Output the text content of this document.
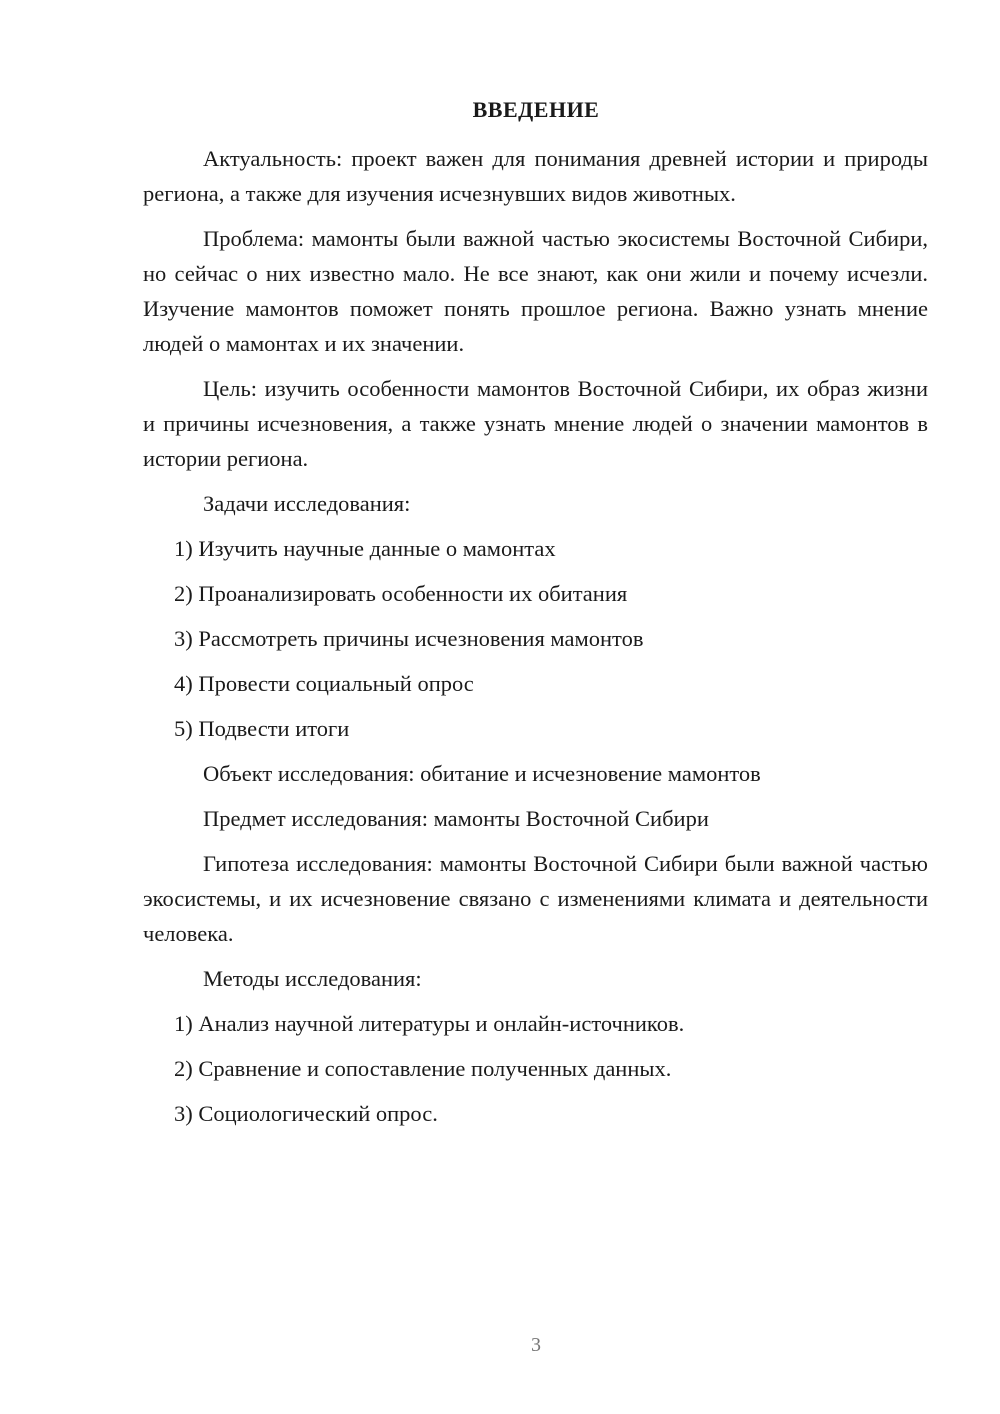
ВВЕДЕНИЕ

Актуальность: проект важен для понимания древней истории и природы региона, а также для изучения исчезнувших видов животных.

Проблема: мамонты были важной частью экосистемы Восточной Сибири, но сейчас о них известно мало. Не все знают, как они жили и почему исчезли. Изучение мамонтов поможет понять прошлое региона. Важно узнать мнение людей о мамонтах и их значении.

Цель: изучить особенности мамонтов Восточной Сибири, их образ жизни и причины исчезновения, а также узнать мнение людей о значении мамонтов в истории региона.

Задачи исследования:

1) Изучить научные данные о мамонтах

2) Проанализировать особенности их обитания

3) Рассмотреть причины исчезновения мамонтов

4) Провести социальный опрос

5) Подвести итоги

Объект исследования: обитание и исчезновение мамонтов

Предмет исследования: мамонты Восточной Сибири

Гипотеза исследования: мамонты Восточной Сибири были важной частью экосистемы, и их исчезновение связано с изменениями климата и деятельности человека.

Методы исследования:

1) Анализ научной литературы и онлайн-источников.

2) Сравнение и сопоставление полученных данных.

3) Социологический опрос.

3
